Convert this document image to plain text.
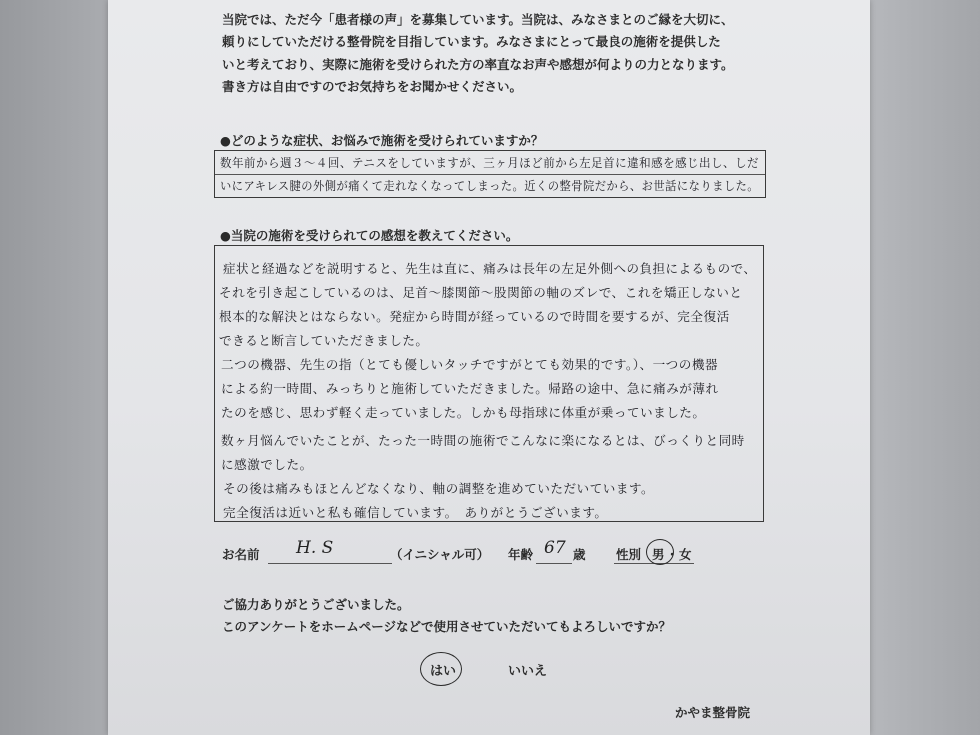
当院では、ただ今「患者様の声」を募集しています。当院は、みなさまとのご縁を大切に、

頼りにしていただける整骨院を目指しています。みなさまにとって最良の施術を提供した

いと考えており、実際に施術を受けられた方の率直なお声や感想が何よりの力となります。

書き方は自由ですのでお気持ちをお聞かせください。

●どのような症状、お悩みで施術を受けられていますか？
数年前から週３～４回、テニスをしていますが、三ヶ月ほど前から左足首に違和感を感じ出し、しだ
いにアキレス腱の外側が痛くて走れなくなってしまった。近くの整骨院だから、お世話になりました。
●当院の施術を受けられての感想を教えてください。
症状と経過などを説明すると、先生は直に、痛みは長年の左足外側への負担によるもので、
それを引き起こしているのは、足首～膝関節～股関節の軸のズレで、これを矯正しないと
根本的な解決とはならない。発症から時間が経っているので時間を要するが、完全復活
できると断言していただきました。
二つの機器、先生の指（とても優しいタッチですがとても効果的です。）、一つの機器
による約一時間、みっちりと施術していただきました。帰路の途中、急に痛みが薄れ
たのを感じ、思わず軽く走っていました。しかも母指球に体重が乗っていました。
数ヶ月悩んでいたことが、たった一時間の施術でこんなに楽になるとは、びっくりと同時
に感激でした。
その後は痛みもほとんどなくなり、軸の調整を進めていただいています。
完全復活は近いと私も確信しています。　ありがとうございます。
お名前 H. S	（イニシャル可） 年齢 67 歳 性別 男 ・ 女

ご協力ありがとうございました。

このアンケートをホームページなどで使用させていただいてもよろしいですか？

はい	いいえ
かやま整骨院
